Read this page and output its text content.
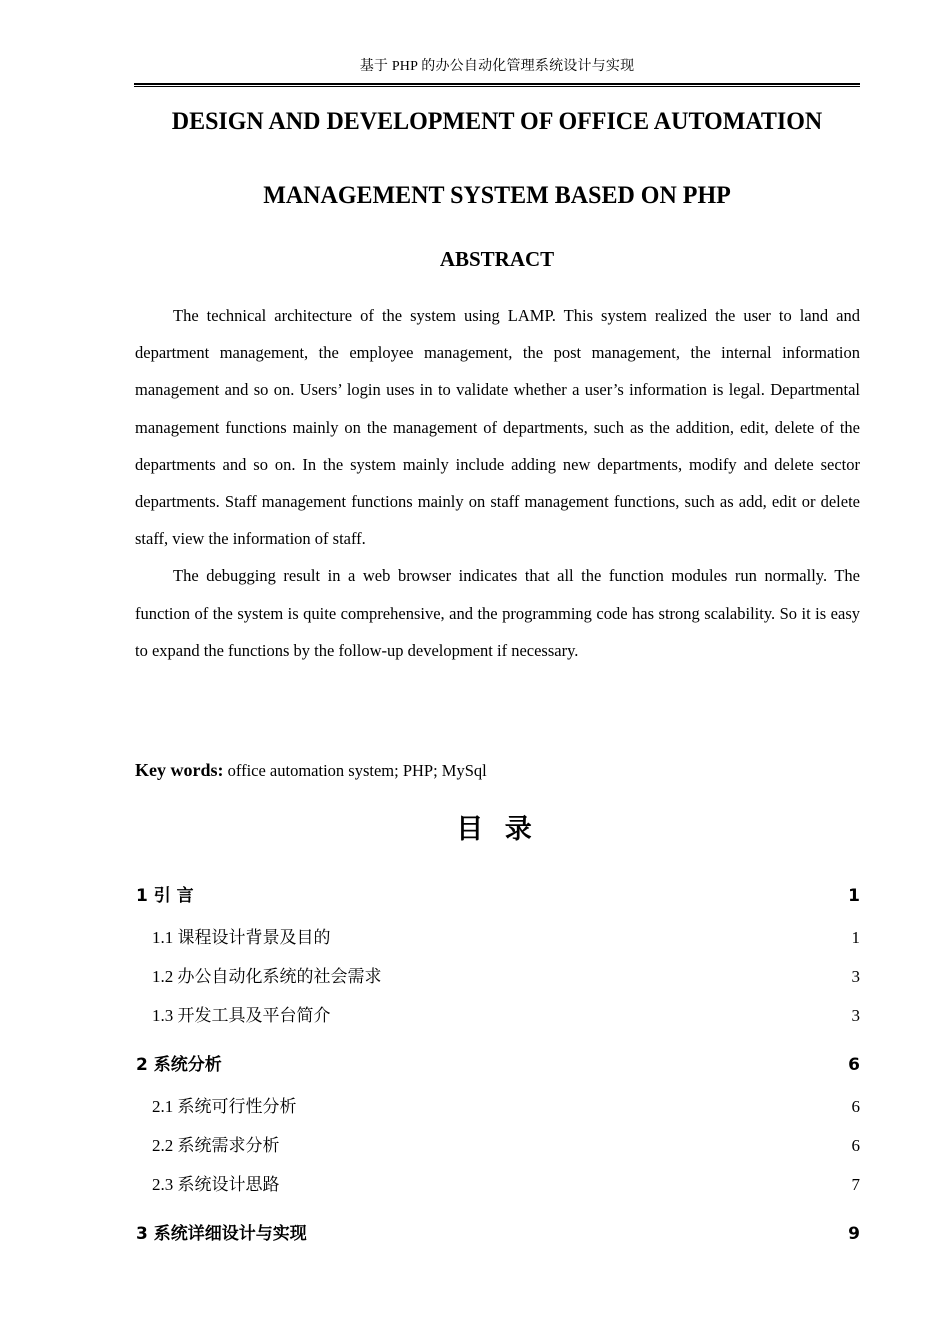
基于 PHP 的办公自动化管理系统设计与实现
DESIGN AND DEVELOPMENT OF OFFICE AUTOMATION
MANAGEMENT SYSTEM BASED ON PHP
ABSTRACT

The technical architecture of the system using LAMP. This system realized the user to land and department management, the employee management, the post management, the internal information management and so on. Users’ login uses in to validate whether a user’s information is legal. Departmental management functions mainly on the management of departments, such as the addition, edit, delete of the departments and so on. In the system mainly include adding new departments, modify and delete sector departments. Staff management functions mainly on staff management functions, such as add, edit or delete staff, view the information of staff.

The debugging result in a web browser indicates that all the function modules run normally. The function of the system is quite comprehensive, and the programming code has strong scalability. So it is easy to expand the functions by the follow-up development if necessary.

Key words: office automation system; PHP; MySql
目 录
1 引 言 .....	1
1.1 课程设计背景及目的 .....	1
1.2 办公自动化系统的社会需求 .....	3
1.3 开发工具及平台简介 .....	3
2 系统分析 .....	6
2.1 系统可行性分析 .....	6
2.2 系统需求分析 .....	6
2.3 系统设计思路 .....	7
3 系统详细设计与实现 .....	9
